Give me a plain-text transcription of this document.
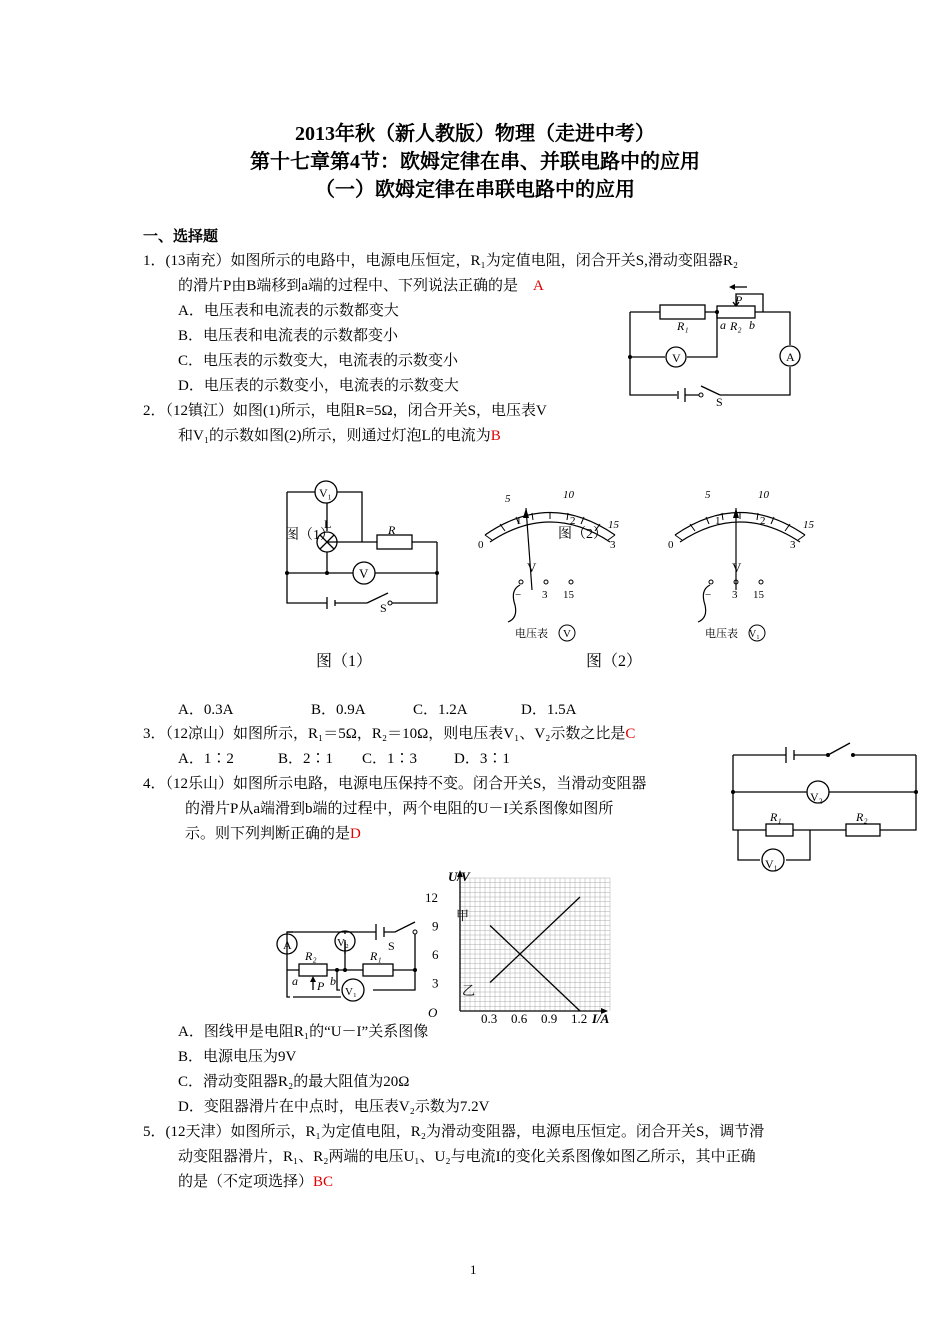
2013年秋（新人教版）物理（走进中考）
第十七章第4节：欧姆定律在串、并联电路中的应用
（一）欧姆定律在串联电路中的应用
一、选择题
1．(13南充）如图所示的电路中，电源电压恒定，R₁为定值电阻，闭合开关S,滑动变阻器R₂
的滑片P由B端移到a端的过程中、下列说法正确的是　 A
A．电压表和电流表的示数都变大
B．电压表和电流表的示数都变小
C．电压表的示数变大，电流表的示数变小
D．电压表的示数变小，电流表的示数变大
R₁
P
a R₂ b
V	A
S
2．（12镇江）如图(1)所示，电阻R=5Ω，闭合开关S，电压表V
和V₁的示数如图(2)所示，则通过灯泡L的电流为B
V₁
L	R
V
S
图（1）
5	10
15
0
1	2
3
图（2）
V
− 3 15
电压表 V
5	10
15
0
1	2
3
V
− 3 15
电压表 V₁
图（1）	图（2）
A．0.3A	B．0.9A	C．1.2A	D．1.5A
3．（12凉山）如图所示，R₁＝5Ω，R₂＝10Ω，则电压表V₁、V₂示数之比是C
A．1∶2	B．2∶1 C．1∶3 D．3∶1
V₂
R₁	R₂
V₁
4．（12乐山）如图所示电路，电源电压保持不变。闭合开关S，当滑动变阻器
的滑片P从a端滑到b端的过程中，两个电阻的U－I关系图像如图所
示。则下列判断正确的是D
A	V₂	S
R₂	R₁
a P b
V₁
0.3 0.6 0.9 1.2
3
6
9
12
U/V
I/A
O
甲
乙
A．图线甲是电阻R₁的“U－I”关系图像
B．电源电压为9V
C．滑动变阻器R₂的最大阻值为20Ω
D．变阻器滑片在中点时，电压表V₂示数为7.2V
5．(12天津）如图所示，R₁为定值电阻，R₂为滑动变阻器，电源电压恒定。闭合开关S，调节滑
动变阻器滑片，R₁、R₂两端的电压U₁、U₂与电流I的变化关系图像如图乙所示，其中正确
的是（不定项选择）BC
1
